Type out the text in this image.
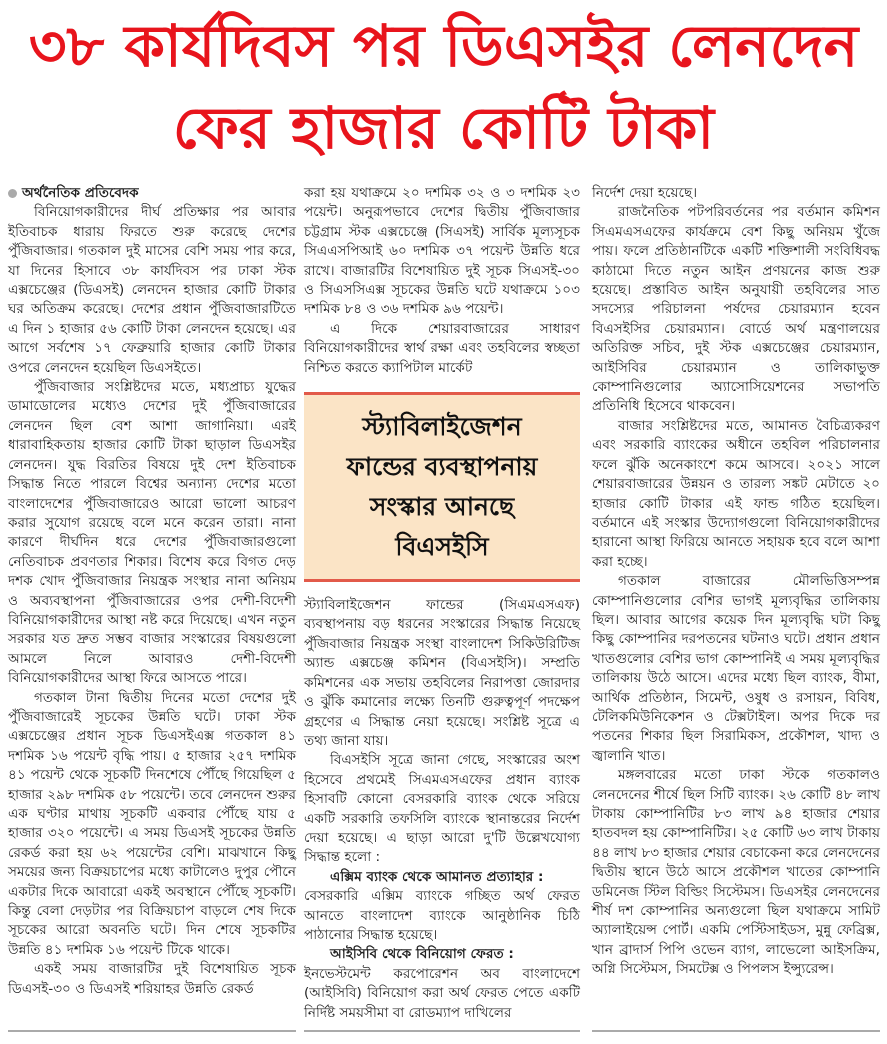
৩৮ কার্যদিবস পর ডিএসইর লেনদেন
ফের হাজার কোটি টাকা
অর্থনৈতিক প্রতিবেদক

বিনিয়োগকারীদের দীর্ঘ প্রতিক্ষার পর আবার ইতিবাচক ধারায় ফিরতে শুরু করেছে দেশের পুঁজিবাজার। গতকাল দুই মাসের বেশি সময় পার করে, যা দিনের হিসাবে ৩৮ কার্যদিবস পর ঢাকা স্টক এক্সচেঞ্জের (ডিএসই) লেনদেন হাজার কোটি টাকার ঘর অতিক্রম করেছে। দেশের প্রধান পুঁজিবাজারটিতে এ দিন ১ হাজার ৫৬ কোটি টাকা লেনদেন হয়েছে। এর আগে সর্বশেষ ১৭ ফেব্রুয়ারি হাজার কোটি টাকার ওপরে লেনদেন হয়েছিল ডিএসইতে।

পুঁজিবাজার সংশ্লিষ্টদের মতে, মধ্যপ্রাচ্য যুদ্ধের ডামাডোলের মধ্যেও দেশের দুই পুঁজিবাজারের লেনদেন ছিল বেশ আশা জাগানিয়া। এরই ধারাবাহিকতায় হাজার কোটি টাকা ছাড়াল ডিএসইর লেনদেন। যুদ্ধ বিরতির বিষয়ে দুই দেশ ইতিবাচক সিদ্ধান্ত নিতে পারলে বিশ্বের অন্যান্য দেশের মতো বাংলাদেশের পুঁজিবাজারেও আরো ভালো আচরণ করার সুযোগ রয়েছে বলে মনে করেন তারা। নানা কারণে দীর্ঘদিন ধরে দেশের পুঁজিবাজারগুলো নেতিবাচক প্রবণতার শিকার। বিশেষ করে বিগত দেড় দশক খোদ পুঁজিবাজার নিয়ন্ত্রক সংস্থার নানা অনিয়ম ও অব্যবস্থাপনা পুঁজিবাজারের ওপর দেশী-বিদেশী বিনিয়োগকারীদের আস্থা নষ্ট করে দিয়েছে। এখন নতুন সরকার যত দ্রুত সম্ভব বাজার সংস্কারের বিষয়গুলো আমলে নিলে আবারও দেশী-বিদেশী বিনিয়োগকারীদের আস্থা ফিরে আসতে পারে।

গতকাল টানা দ্বিতীয় দিনের মতো দেশের দুই পুঁজিবাজারেই সূচকের উন্নতি ঘটে। ঢাকা স্টক এক্সচেঞ্জের প্রধান সূচক ডিএসইএক্স গতকাল ৪১ দশমিক ১৬ পয়েন্ট বৃদ্ধি পায়। ৫ হাজার ২৫৭ দশমিক ৪১ পয়েন্ট থেকে সূচকটি দিনশেষে পৌঁছে গিয়েছিল ৫ হাজার ২৯৮ দশমিক ৫৮ পয়েন্টে। তবে লেনদেন শুরুর এক ঘণ্টার মাথায় সূচকটি একবার পৌঁছে যায় ৫ হাজার ৩২০ পয়েন্টে। এ সময় ডিএসই সূচকের উন্নতি রেকর্ড করা হয় ৬২ পয়েন্টের বেশি। মাঝখানে কিছু সময়ের জন্য বিক্রয়চাপের মধ্যে কাটালেও দুপুর পৌনে একটার দিকে আবারো একই অবস্থানে পৌঁছে সূচকটি। কিন্তু বেলা দেড়টার পর বিক্রিয়চাপ বাড়লে শেষ দিকে সূচকের আরো অবনতি ঘটে। দিন শেষে সূচকটির উন্নতি ৪১ দশমিক ১৬ পয়েন্ট টিকে থাকে।

একই সময় বাজারটির দুই বিশেষায়িত সূচক ডিএসই-৩০ ও ডিএসই শরিয়াহর উন্নতি রেকর্ড

করা হয় যথাক্রমে ২০ দশমিক ৩২ ও ৩ দশমিক ২৩ পয়েন্ট। অনুরূপভাবে দেশের দ্বিতীয় পুঁজিবাজার চট্টগ্রাম স্টক এক্সচেঞ্জে (সিএসই) সার্বিক মূল্যসূচক সিএএসপিআই ৬০ দশমিক ৩৭ পয়েন্ট উন্নতি ধরে রাখে। বাজারটির বিশেষায়িত দুই সূচক সিএসই-৩০ ও সিএসসিএক্স সূচকের উন্নতি ঘটে যথাক্রমে ১০৩ দশমিক ৮৪ ও ৩৬ দশমিক ৯৬ পয়েন্ট।

এ দিকে শেয়ারবাজারের সাধারণ বিনিয়োগকারীদের স্বার্থ রক্ষা এবং তহবিলের স্বচ্ছতা নিশ্চিত করতে ক্যাপিটাল মার্কেট

স্ট্যাবিলাইজেশন
ফান্ডের ব্যবস্থাপনায়
সংস্কার আনছে
বিএসইসি

স্ট্যাবিলাইজেশন ফান্ডের (সিএমএসএফ) ব্যবস্থাপনায় বড় ধরনের সংস্কারের সিদ্ধান্ত নিয়েছে পুঁজিবাজার নিয়ন্ত্রক সংস্থা বাংলাদেশ সিকিউরিটিজ অ্যান্ড এক্সচেঞ্জ কমিশন (বিএসইসি)। সম্প্রতি কমিশনের এক সভায় তহবিলের নিরাপত্তা জোরদার ও ঝুঁকি কমানোর লক্ষ্যে তিনটি গুরুত্বপূর্ণ পদক্ষেপ গ্রহণের এ সিদ্ধান্ত নেয়া হয়েছে। সংশ্লিষ্ট সূত্রে এ তথ্য জানা যায়।

বিএসইসি সূত্রে জানা গেছে, সংস্কারের অংশ হিসেবে প্রথমেই সিএমএসএফের প্রধান ব্যাংক হিসাবটি কোনো বেসরকারি ব্যাংক থেকে সরিয়ে একটি সরকারি তফসিলি ব্যাংকে স্থানান্তরের নির্দেশ দেয়া হয়েছে। এ ছাড়া আরো দু'টি উল্লেখযোগ্য সিদ্ধান্ত হলো :

এক্সিম ব্যাংক থেকে আমানত প্রত্যাহার :

বেসরকারি এক্সিম ব্যাংকে গচ্ছিত অর্থ ফেরত আনতে বাংলাদেশ ব্যাংকে আনুষ্ঠানিক চিঠি পাঠানোর সিদ্ধান্ত হয়েছে।

আইসিবি থেকে বিনিয়োগ ফেরত :

ইনভেস্টমেন্ট করপোরেশন অব বাংলাদেশে (আইসিবি) বিনিয়োগ করা অর্থ ফেরত পেতে একটি নির্দিষ্ট সময়সীমা বা রোডম্যাপ দাখিলের

নির্দেশ দেয়া হয়েছে।

রাজনৈতিক পটপরিবর্তনের পর বর্তমান কমিশন সিএমএসএফের কার্যক্রমে বেশ কিছু অনিয়ম খুঁজে পায়। ফলে প্রতিষ্ঠানটিকে একটি শক্তিশালী সংবিধিবদ্ধ কাঠামো দিতে নতুন আইন প্রণয়নের কাজ শুরু হয়েছে। প্রস্তাবিত আইন অনুযায়ী তহবিলের সাত সদস্যের পরিচালনা পর্ষদের চেয়ারম্যান হবেন বিএসইসির চেয়ারম্যান। বোর্ডে অর্থ মন্ত্রণালয়ের অতিরিক্ত সচিব, দুই স্টক এক্সচেঞ্জের চেয়ারম্যান, আইসিবির চেয়ারম্যান ও তালিকাভুক্ত কোম্পানিগুলোর অ্যাসোসিয়েশনের সভাপতি প্রতিনিধি হিসেবে থাকবেন।

বাজার সংশ্লিষ্টদের মতে, আমানত বৈচিত্র্যকরণ এবং সরকারি ব্যাংকের অধীনে তহবিল পরিচালনার ফলে ঝুঁকি অনেকাংশে কমে আসবে। ২০২১ সালে শেয়ারবাজারের উন্নয়ন ও তারল্য সঙ্কট মেটাতে ২০ হাজার কোটি টাকার এই ফান্ড গঠিত হয়েছিল। বর্তমানে এই সংস্কার উদ্যোগগুলো বিনিয়োগকারীদের হারানো আস্থা ফিরিয়ে আনতে সহায়ক হবে বলে আশা করা হচ্ছে।

গতকাল বাজারের মৌলভিত্তিসম্পন্ন কোম্পানিগুলোর বেশির ভাগই মূল্যবৃদ্ধির তালিকায় ছিল। আবার আগের কয়েক দিন মূল্যবৃদ্ধি ঘটা কিছু কিছু কোম্পানির দরপতনের ঘটনাও ঘটে। প্রধান প্রধান খাতগুলোর বেশির ভাগ কোম্পানিই এ সময় মূল্যবৃদ্ধির তালিকায় উঠে আসে। এদের মধ্যে ছিল ব্যাংক, বীমা, আর্থিক প্রতিষ্ঠান, সিমেন্ট, ওষুধ ও রসায়ন, বিবিধ, টেলিকমিউনিকেশন ও টেক্সটাইল। অপর দিকে দর পতনের শিকার ছিল সিরামিকস, প্রকৌশল, খাদ্য ও জ্বালানি খাত।

মঙ্গলবারের মতো ঢাকা স্টকে গতকালও লেনদেনের শীর্ষে ছিল সিটি ব্যাংক। ২৬ কোটি ৪৮ লাখ টাকায় কোম্পানিটির ৮৩ লাখ ৯৪ হাজার শেয়ার হাতবদল হয় কোম্পানিটির। ২৫ কোটি ৬৩ লাখ টাকায় ৪৪ লাখ ৮৩ হাজার শেয়ার বেচাকেনা করে লেনদেনের দ্বিতীয় স্থানে উঠে আসে প্রকৌশল খাতের কোম্পানি ডমিনেজ স্টিল বিল্ডিং সিস্টেমস। ডিএসইর লেনদেনের শীর্ষ দশ কোম্পানির অন্যগুলো ছিল যথাক্রমে সামিট অ্যালাইয়েন্স পোর্ট। একমি পেস্টিসাইডস, মুন্নু ফেব্রিক্স, খান ব্রাদার্স পিপি ওভেন ব্যাগ, লাভেলো আইসক্রিম, অগ্নি সিস্টেমস, সিমটেক্স ও পিপলস ইন্স্যুরেন্স।
